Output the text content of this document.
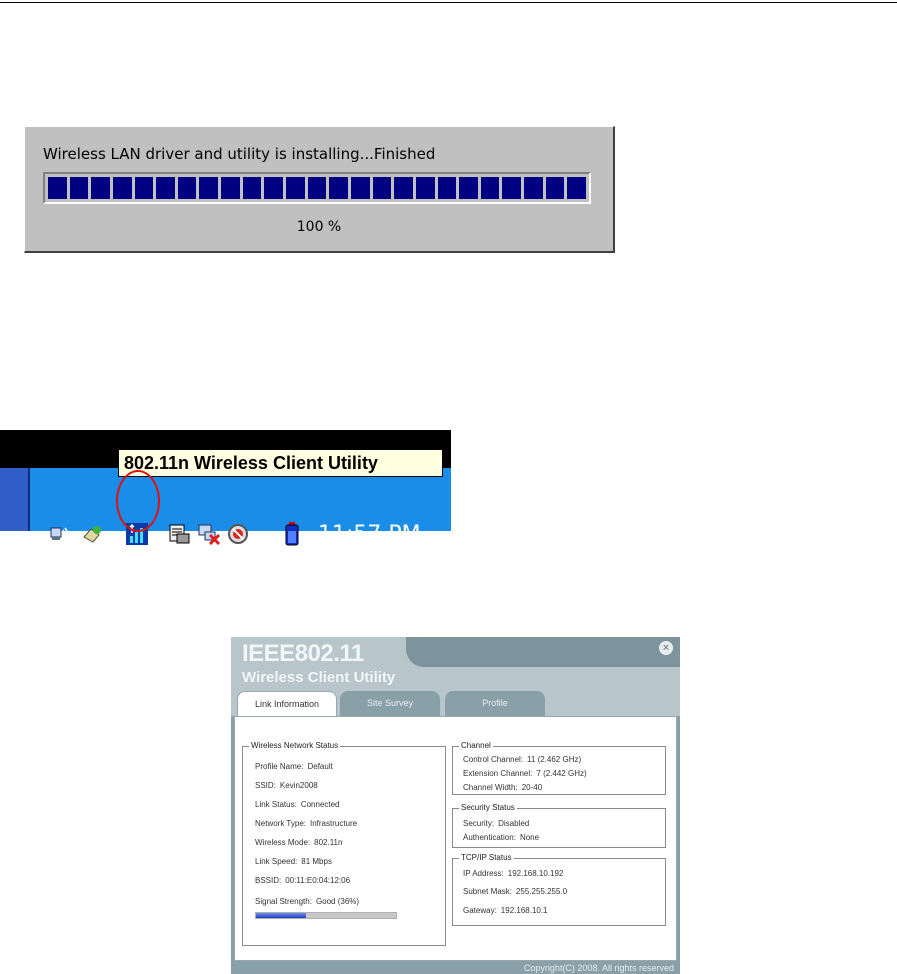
Wireless LAN driver and utility is installing...Finished
100 %
11:57 PM
802.11n Wireless Client Utility
IEEE802.11
Wireless Client Utility
×
Link Information	Site Survey	Profile
Wireless Network Status
Profile Name: Default
SSID: Kevin2008
Link Status: Connected
Network Type: Infrastructure
Wireless Mode: 802.11n
Link Speed: 81 Mbps
BSSID: 00:11:E0:04:12:06
Signal Strength: Good (36%)
Channel
Control Channel: 11 (2.462 GHz)
Extension Channel: 7 (2.442 GHz)
Channel Width: 20-40
Security Status
Security: Disabled
Authentication: None
TCP/IP Status
IP Address: 192.168.10.192
Subnet Mask: 255.255.255.0
Gateway: 192.168.10.1
Copyright(C) 2008. All rights reserved
